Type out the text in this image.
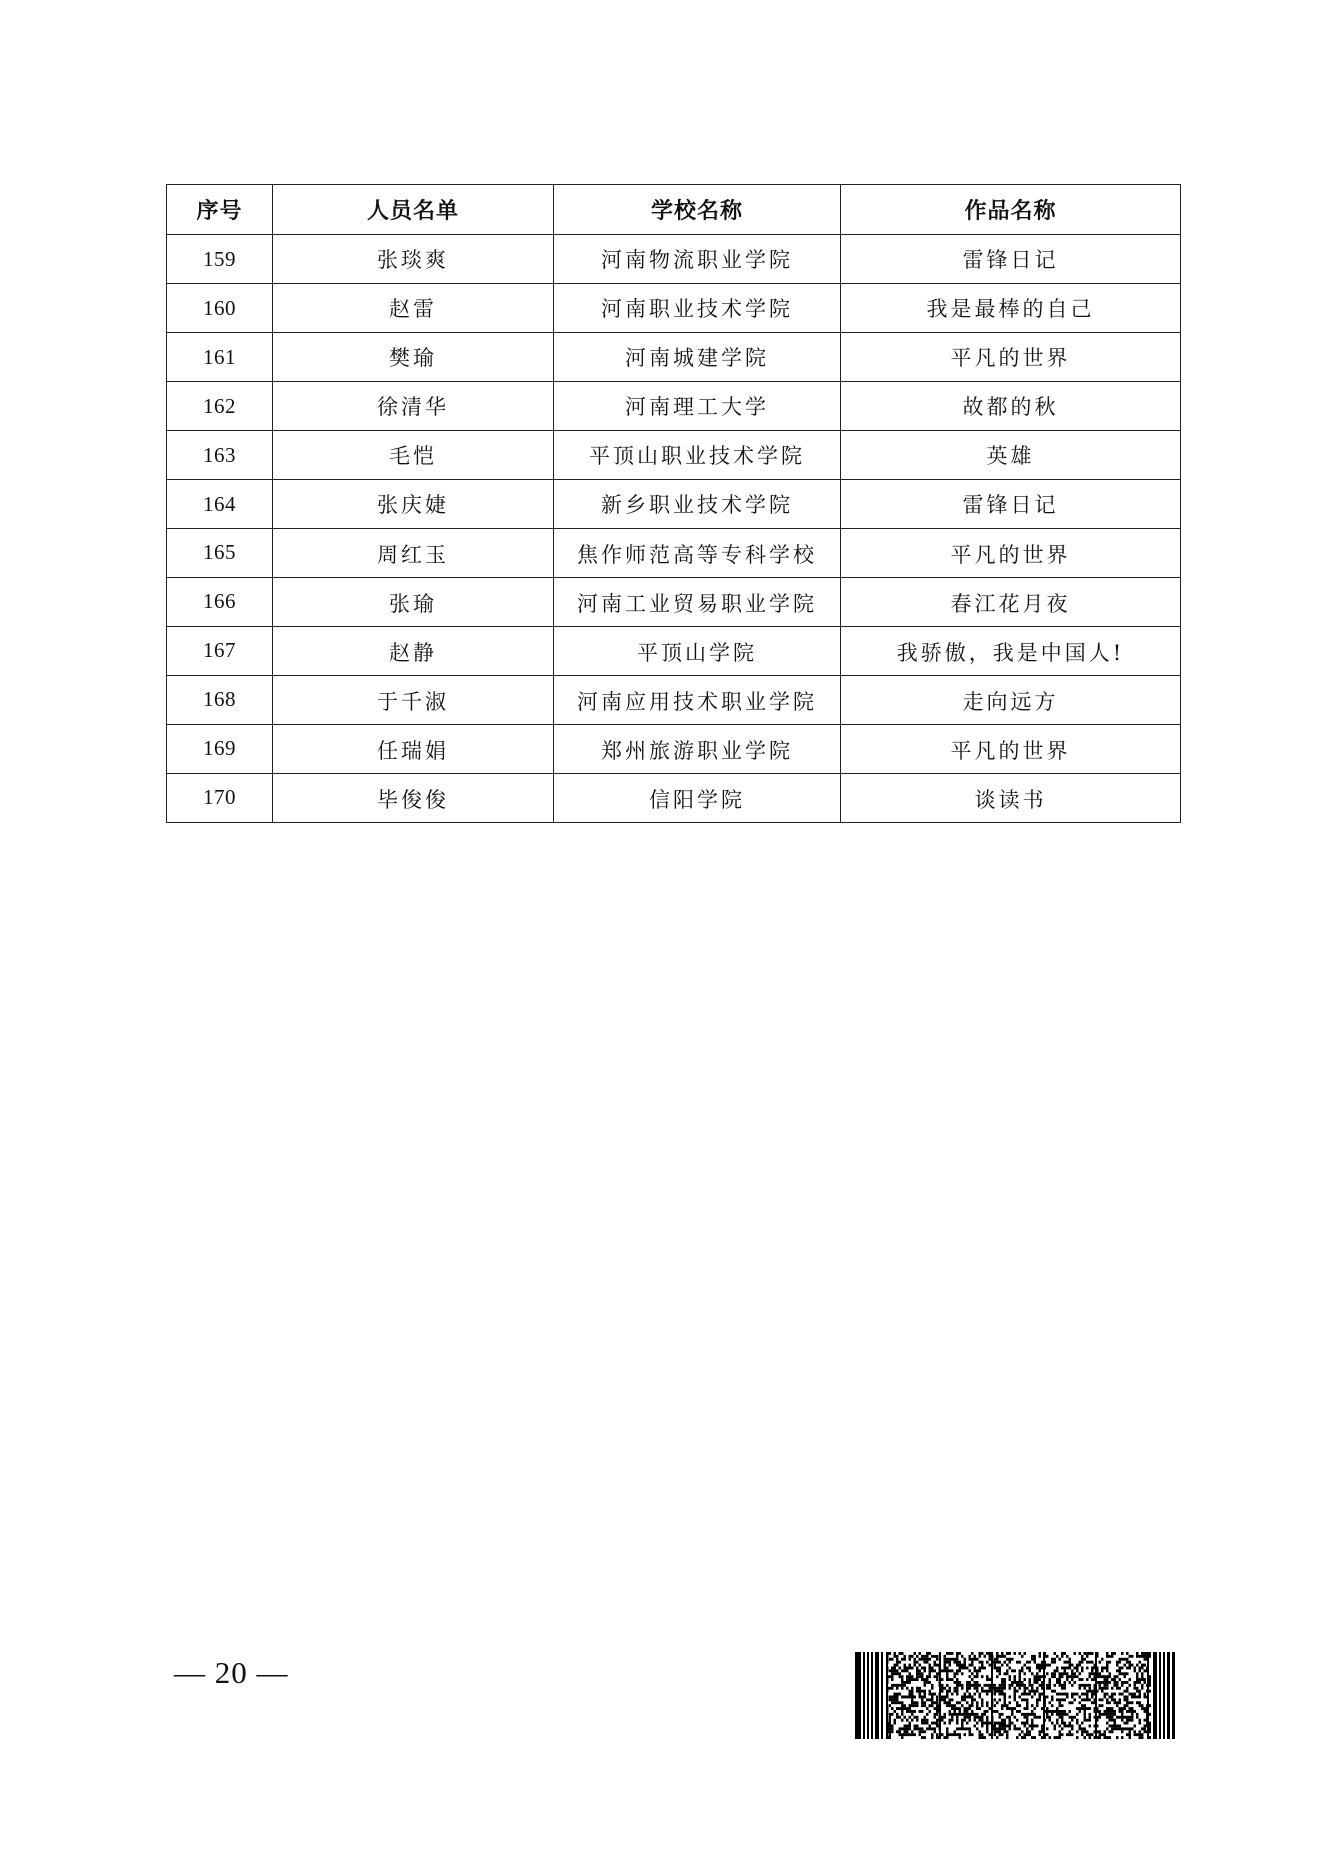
序号	人员名单	学校名称	作品名称
159	张琰爽	河南物流职业学院	雷锋日记
160	赵雷	河南职业技术学院	我是最棒的自己
161	樊瑜	河南城建学院	平凡的世界
162	徐清华	河南理工大学	故都的秋
163	毛恺	平顶山职业技术学院	英雄
164	张庆婕	新乡职业技术学院	雷锋日记
165	周红玉	焦作师范高等专科学校	平凡的世界
166	张瑜	河南工业贸易职业学院	春江花月夜
167	赵静	平顶山学院	我骄傲，我是中国人!
168	于千淑	河南应用技术职业学院	走向远方
169	任瑞娟	郑州旅游职业学院	平凡的世界
170	毕俊俊	信阳学院	谈读书
— 20 —
